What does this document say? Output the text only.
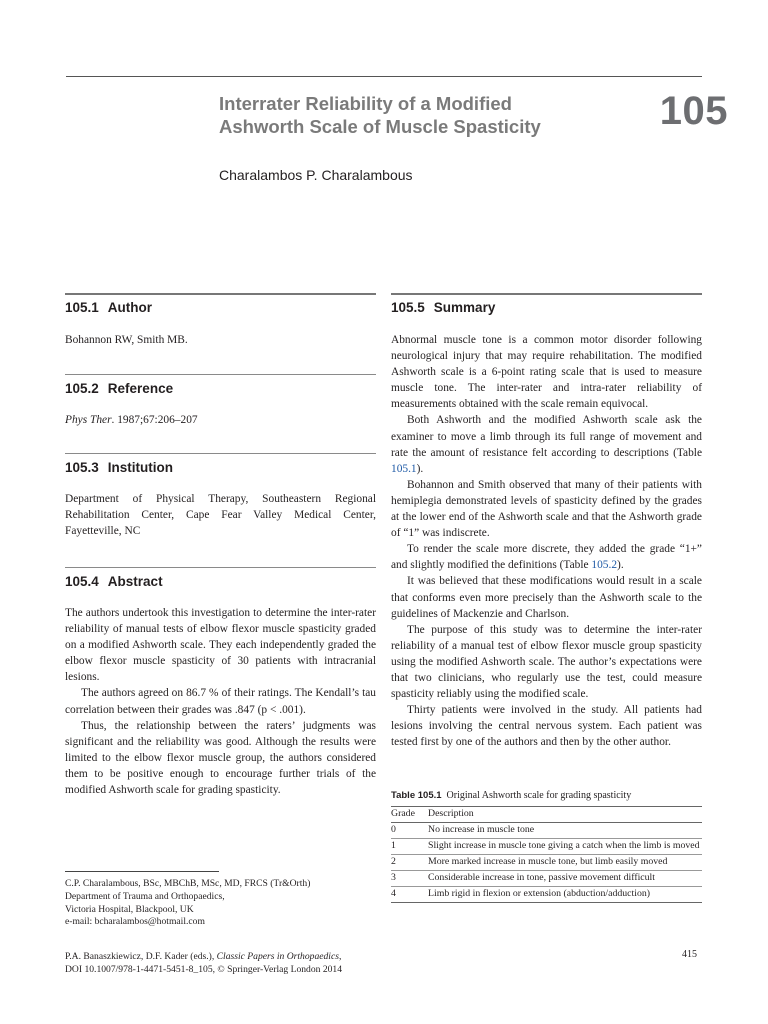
Interrater Reliability of a Modified
Ashworth Scale of Muscle Spasticity	105
Charalambos P. Charalambous
105.1 Author

Bohannon RW, Smith MB.

105.2 Reference

Phys Ther. 1987;67:206–207

105.3 Institution

Department of Physical Therapy, Southeastern Regional Rehabilitation Center, Cape Fear Valley Medical Center, Fayetteville, NC

105.4 Abstract

The authors undertook this investigation to determine the inter-rater reliability of manual tests of elbow flexor muscle spasticity graded on a modified Ashworth scale. They each independently graded the elbow flexor muscle spasticity of 30 patients with intracranial lesions.

The authors agreed on 86.7 % of their ratings. The Kendall’s tau correlation between their grades was .847 (p < .001).

Thus, the relationship between the raters’ judgments was significant and the reliability was good. Although the results were limited to the elbow flexor muscle group, the authors considered them to be positive enough to encourage further trials of the modified Ashworth scale for grading spasticity.

105.5 Summary

Abnormal muscle tone is a common motor disorder following neurological injury that may require rehabilitation. The modified Ashworth scale is a 6-point rating scale that is used to measure muscle tone. The inter-rater and intra-rater reliability of measurements obtained with the scale remain equivocal.

Both Ashworth and the modified Ashworth scale ask the examiner to move a limb through its full range of movement and rate the amount of resistance felt according to descriptions (Table 105.1).

Bohannon and Smith observed that many of their patients with hemiplegia demonstrated levels of spasticity defined by the grades at the lower end of the Ashworth scale and that the Ashworth grade of “1” was indiscrete.

To render the scale more discrete, they added the grade “1+” and slightly modified the definitions (Table 105.2).

It was believed that these modifications would result in a scale that conforms even more precisely than the Ashworth scale to the guidelines of Mackenzie and Charlson.

The purpose of this study was to determine the inter-rater reliability of a manual test of elbow flexor muscle group spasticity using the modified Ashworth scale. The author’s expectations were that two clinicians, who regularly use the test, could measure spasticity reliably using the modified scale.

Thirty patients were involved in the study. All patients had lesions involving the central nervous system. Each patient was tested first by one of the authors and then by the other author.

Table 105.1 Original Ashworth scale for grading spasticity
Grade	Description
0	No increase in muscle tone
1	Slight increase in muscle tone giving a catch when the limb is moved
2	More marked increase in muscle tone, but limb easily moved
3	Considerable increase in tone, passive movement difficult
4	Limb rigid in flexion or extension (abduction/adduction)
C.P. Charalambous, BSc, MBChB, MSc, MD, FRCS (Tr&Orth)
Department of Trauma and Orthopaedics,
Victoria Hospital, Blackpool, UK
e-mail: bcharalambos@hotmail.com
P.A. Banaszkiewicz, D.F. Kader (eds.), Classic Papers in Orthopaedics,
DOI 10.1007/978-1-4471-5451-8_105, © Springer-Verlag London 2014
415
